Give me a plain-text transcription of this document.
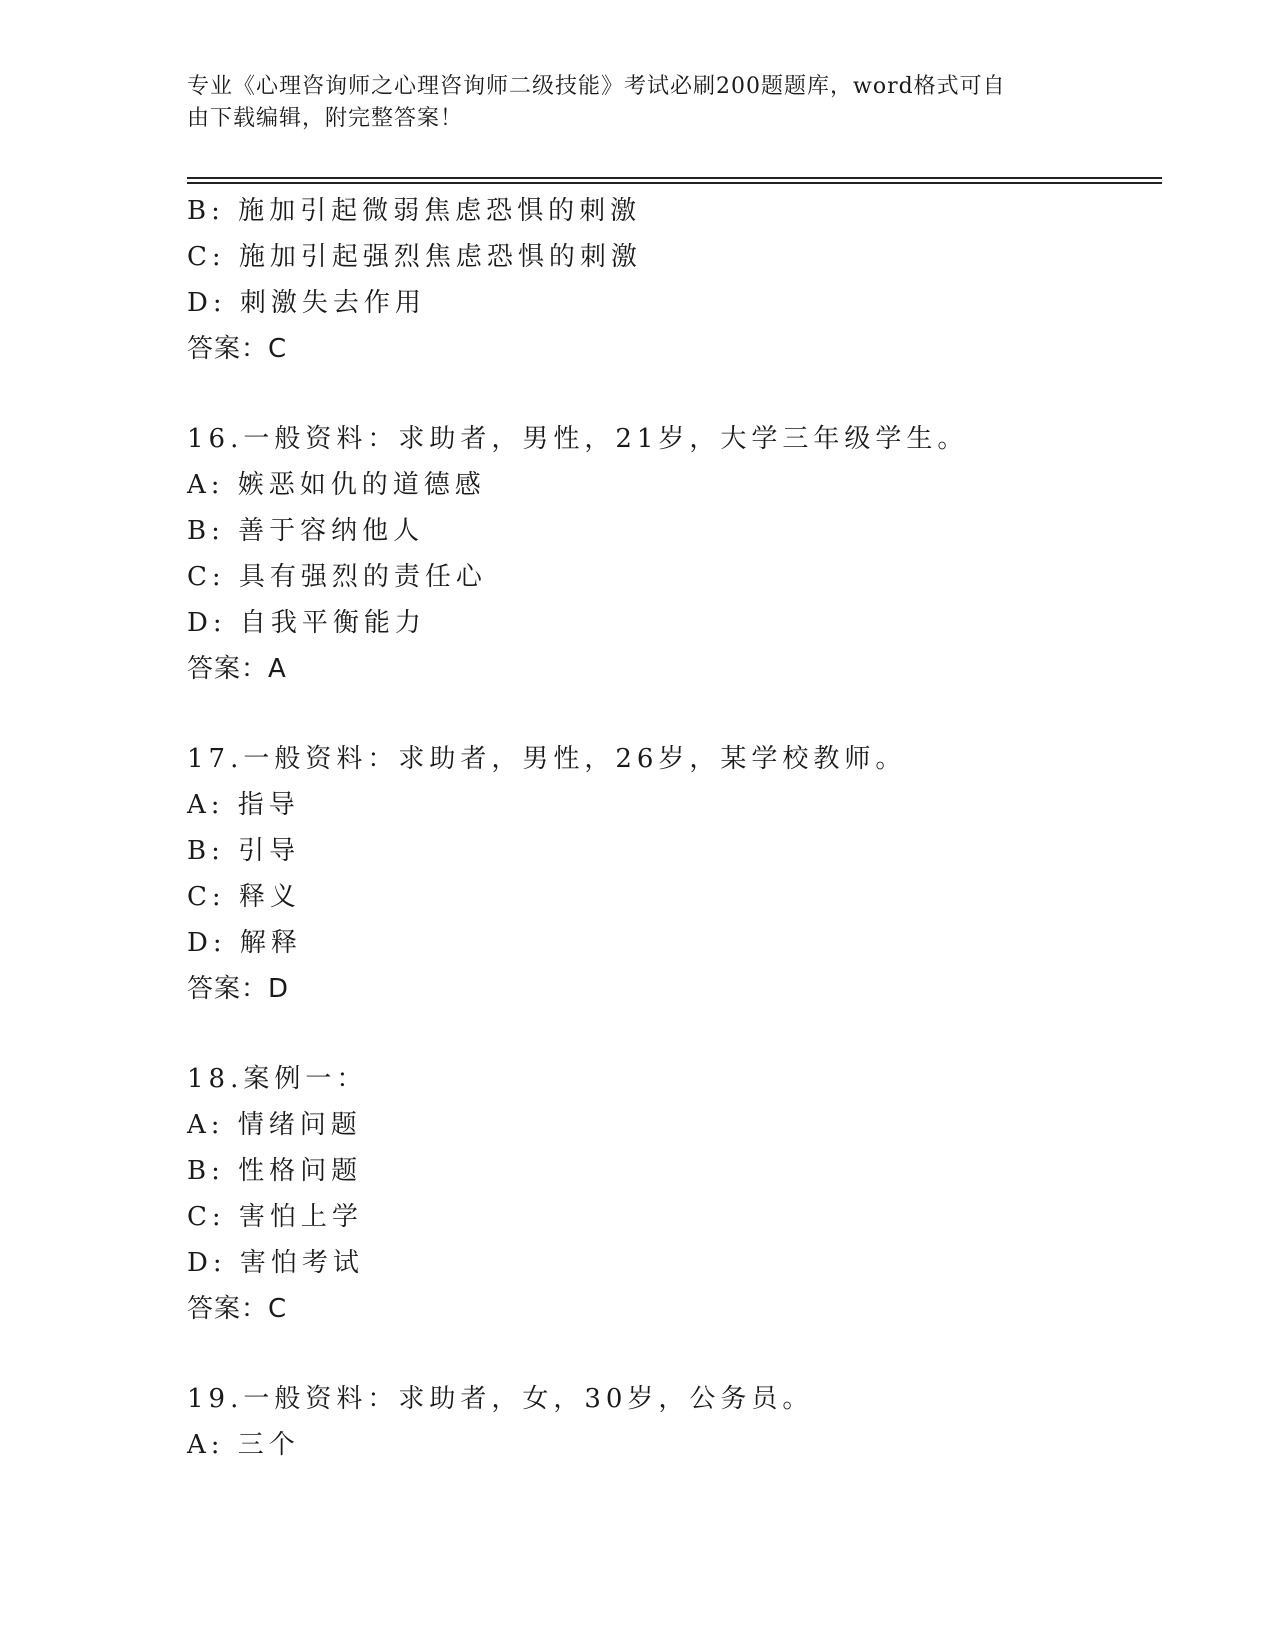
专业《心理咨询师之心理咨询师二级技能》考试必刷200题题库，word格式可自
由下载编辑，附完整答案！
B: 施加引起微弱焦虑恐惧的刺激
C: 施加引起强烈焦虑恐惧的刺激
D: 刺激失去作用
答案：C
16.一般资料：求助者，男性，21岁，大学三年级学生。
A: 嫉恶如仇的道德感
B: 善于容纳他人
C: 具有强烈的责任心
D: 自我平衡能力
答案：A
17.一般资料：求助者，男性，26岁，某学校教师。
A: 指导
B: 引导
C: 释义
D: 解释
答案：D
18.案例一：
A: 情绪问题
B: 性格问题
C: 害怕上学
D: 害怕考试
答案：C
19.一般资料：求助者，女，30岁，公务员。
A: 三个
